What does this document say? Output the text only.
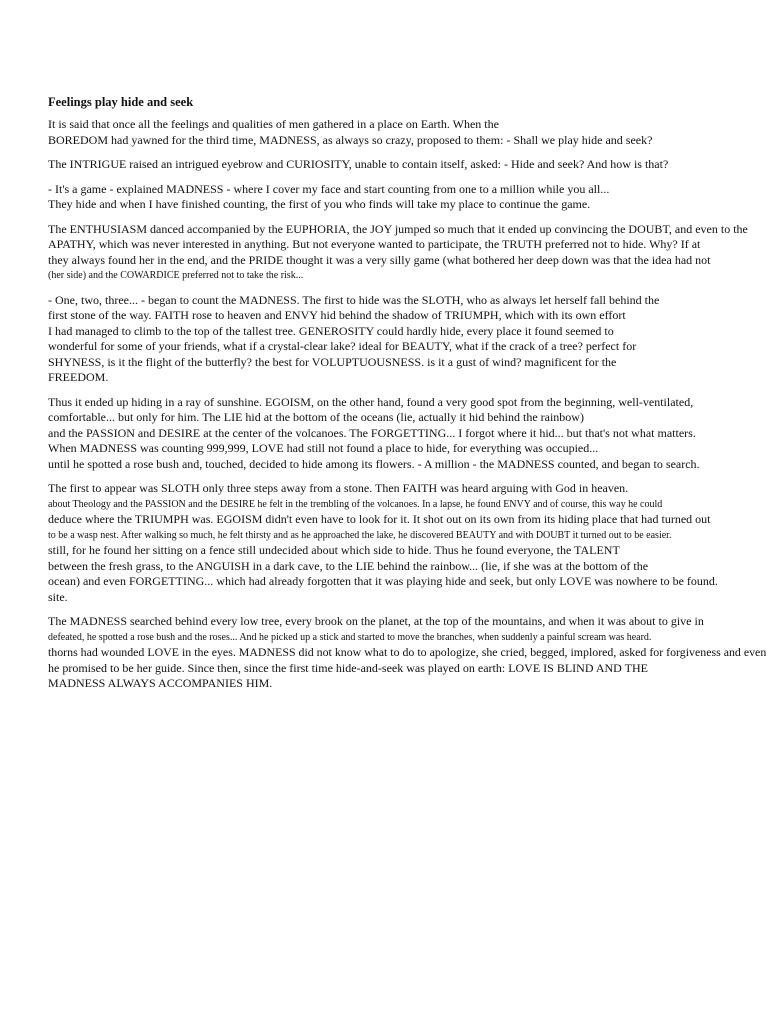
Feelings play hide and seek
It is said that once all the feelings and qualities of men gathered in a place on Earth. When the
BOREDOM had yawned for the third time, MADNESS, as always so crazy, proposed to them: - Shall we play hide and seek?
The INTRIGUE raised an intrigued eyebrow and CURIOSITY, unable to contain itself, asked: - Hide and seek? And how is that?
- It's a game - explained MADNESS - where I cover my face and start counting from one to a million while you all...
They hide and when I have finished counting, the first of you who finds will take my place to continue the game.
The ENTHUSIASM danced accompanied by the EUPHORIA, the JOY jumped so much that it ended up convincing the DOUBT, and even to the
APATHY, which was never interested in anything. But not everyone wanted to participate, the TRUTH preferred not to hide. Why? If at
they always found her in the end, and the PRIDE thought it was a very silly game (what bothered her deep down was that the idea had not
(her side) and the COWARDICE preferred not to take the risk...
- One, two, three... - began to count the MADNESS. The first to hide was the SLOTH, who as always let herself fall behind the
first stone of the way. FAITH rose to heaven and ENVY hid behind the shadow of TRIUMPH, which with its own effort
I had managed to climb to the top of the tallest tree. GENEROSITY could hardly hide, every place it found seemed to
wonderful for some of your friends, what if a crystal-clear lake? ideal for BEAUTY, what if the crack of a tree? perfect for
SHYNESS, is it the flight of the butterfly? the best for VOLUPTUOUSNESS. is it a gust of wind? magnificent for the
FREEDOM.
Thus it ended up hiding in a ray of sunshine. EGOISM, on the other hand, found a very good spot from the beginning, well-ventilated,
comfortable... but only for him. The LIE hid at the bottom of the oceans (lie, actually it hid behind the rainbow)
and the PASSION and DESIRE at the center of the volcanoes. The FORGETTING... I forgot where it hid... but that's not what matters.
When MADNESS was counting 999,999, LOVE had still not found a place to hide, for everything was occupied...
until he spotted a rose bush and, touched, decided to hide among its flowers. - A million - the MADNESS counted, and began to search.
The first to appear was SLOTH only three steps away from a stone. Then FAITH was heard arguing with God in heaven.
about Theology and the PASSION and the DESIRE he felt in the trembling of the volcanoes. In a lapse, he found ENVY and of course, this way he could
deduce where the TRIUMPH was. EGOISM didn't even have to look for it. It shot out on its own from its hiding place that had turned out
to be a wasp nest. After walking so much, he felt thirsty and as he approached the lake, he discovered BEAUTY and with DOUBT it turned out to be easier.
still, for he found her sitting on a fence still undecided about which side to hide. Thus he found everyone, the TALENT
between the fresh grass, to the ANGUISH in a dark cave, to the LIE behind the rainbow... (lie, if she was at the bottom of the
ocean) and even FORGETTING... which had already forgotten that it was playing hide and seek, but only LOVE was nowhere to be found.
site.
The MADNESS searched behind every low tree, every brook on the planet, at the top of the mountains, and when it was about to give in
defeated, he spotted a rose bush and the roses... And he picked up a stick and started to move the branches, when suddenly a painful scream was heard.
thorns had wounded LOVE in the eyes. MADNESS did not know what to do to apologize, she cried, begged, implored, asked for forgiveness and even
he promised to be her guide. Since then, since the first time hide-and-seek was played on earth: LOVE IS BLIND AND THE
MADNESS ALWAYS ACCOMPANIES HIM.
